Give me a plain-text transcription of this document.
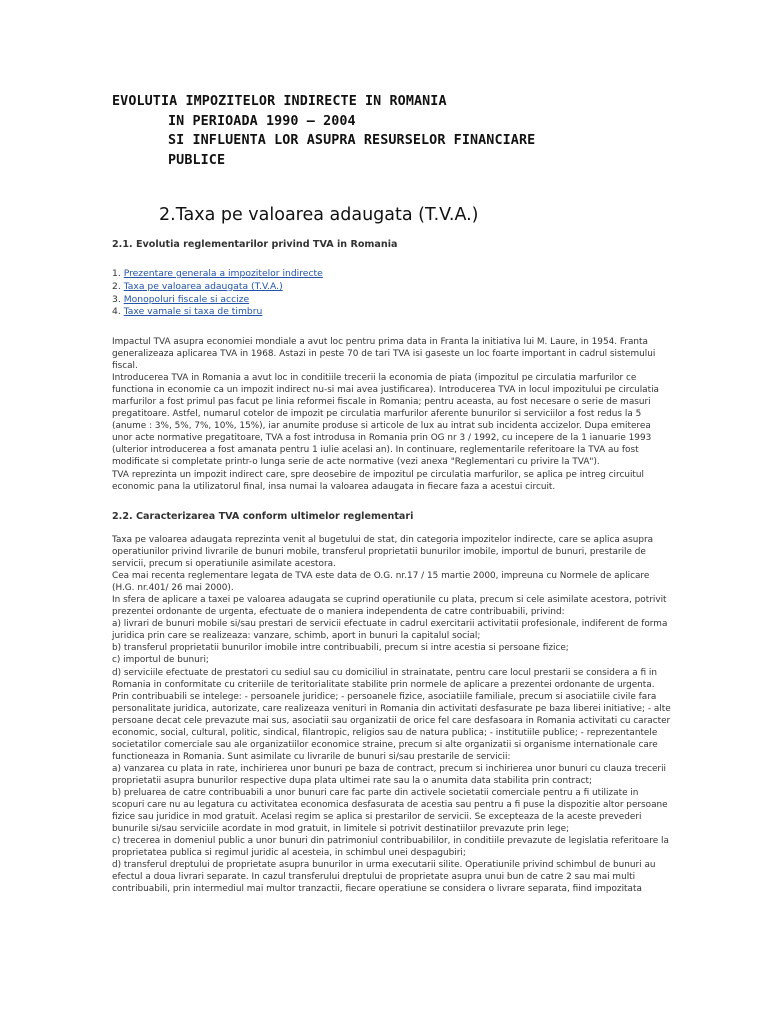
EVOLUTIA IMPOZITELOR INDIRECTE IN ROMANIA
IN PERIOADA 1990 – 2004
SI INFLUENTA LOR ASUPRA RESURSELOR FINANCIARE
PUBLICE
2.Taxa pe valoarea adaugata (T.V.A.)
2.1. Evolutia reglementarilor privind TVA in Romania
1. Prezentare generala a impozitelor indirecte
2. Taxa pe valoarea adaugata (T.V.A.)
3. Monopoluri fiscale si accize
4. Taxe vamale si taxa de timbru

Impactul TVA asupra economiei mondiale a avut loc pentru prima data in Franta la initiativa lui M. Laure, in 1954. Franta

generalizeaza aplicarea TVA in 1968. Astazi in peste 70 de tari TVA isi gaseste un loc foarte important in cadrul sistemului

fiscal.

Introducerea TVA in Romania a avut loc in conditiile trecerii la economia de piata (impozitul pe circulatia marfurilor ce

functiona in economie ca un impozit indirect nu-si mai avea justificarea). Introducerea TVA in locul impozitului pe circulatia

marfurilor a fost primul pas facut pe linia reformei fiscale in Romania; pentru aceasta, au fost necesare o serie de masuri

pregatitoare. Astfel, numarul cotelor de impozit pe circulatia marfurilor aferente bunurilor si serviciilor a fost redus la 5

(anume : 3%, 5%, 7%, 10%, 15%), iar anumite produse si articole de lux au intrat sub incidenta accizelor. Dupa emiterea

unor acte normative pregatitoare, TVA a fost introdusa in Romania prin OG nr 3 / 1992, cu incepere de la 1 ianuarie 1993

(ulterior introducerea a fost amanata pentru 1 iulie acelasi an). In continuare, reglementarile referitoare la TVA au fost

modificate si completate printr-o lunga serie de acte normative (vezi anexa "Reglementari cu privire la TVA").

TVA reprezinta un impozit indirect care, spre deosebire de impozitul pe circulatia marfurilor, se aplica pe intreg circuitul

economic pana la utilizatorul final, insa numai la valoarea adaugata in fiecare faza a acestui circuit.

2.2. Caracterizarea TVA conform ultimelor reglementari

Taxa pe valoarea adaugata reprezinta venit al bugetului de stat, din categoria impozitelor indirecte, care se aplica asupra

operatiunilor privind livrarile de bunuri mobile, transferul proprietatii bunurilor imobile, importul de bunuri, prestarile de

servicii, precum si operatiunile asimilate acestora.

Cea mai recenta reglementare legata de TVA este data de O.G. nr.17 / 15 martie 2000, impreuna cu Normele de aplicare

(H.G. nr.401/ 26 mai 2000).

In sfera de aplicare a taxei pe valoarea adaugata se cuprind operatiunile cu plata, precum si cele asimilate acestora, potrivit

prezentei ordonante de urgenta, efectuate de o maniera independenta de catre contribuabili, privind:

a) livrari de bunuri mobile si/sau prestari de servicii efectuate in cadrul exercitarii activitatii profesionale, indiferent de forma

juridica prin care se realizeaza: vanzare, schimb, aport in bunuri la capitalul social;

b) transferul proprietatii bunurilor imobile intre contribuabili, precum si intre acestia si persoane fizice;

c) importul de bunuri;

d) serviciile efectuate de prestatori cu sediul sau cu domiciliul in strainatate, pentru care locul prestarii se considera a fi in

Romania in conformitate cu criteriile de teritorialitate stabilite prin normele de aplicare a prezentei ordonante de urgenta.

Prin contribuabili se intelege: - persoanele juridice; - persoanele fizice, asociatiile familiale, precum si asociatiile civile fara

personalitate juridica, autorizate, care realizeaza venituri in Romania din activitati desfasurate pe baza liberei initiative; - alte

persoane decat cele prevazute mai sus, asociatii sau organizatii de orice fel care desfasoara in Romania activitati cu caracter

economic, social, cultural, politic, sindical, filantropic, religios sau de natura publica; - institutiile publice; - reprezentantele

societatilor comerciale sau ale organizatiilor economice straine, precum si alte organizatii si organisme internationale care

functioneaza in Romania. Sunt asimilate cu livrarile de bunuri si/sau prestarile de servicii:

a) vanzarea cu plata in rate, inchirierea unor bunuri pe baza de contract, precum si inchirierea unor bunuri cu clauza trecerii

proprietatii asupra bunurilor respective dupa plata ultimei rate sau la o anumita data stabilita prin contract;

b) preluarea de catre contribuabili a unor bunuri care fac parte din activele societatii comerciale pentru a fi utilizate in

scopuri care nu au legatura cu activitatea economica desfasurata de acestia sau pentru a fi puse la dispozitie altor persoane

fizice sau juridice in mod gratuit. Acelasi regim se aplica si prestarilor de servicii. Se excepteaza de la aceste prevederi

bunurile si/sau serviciile acordate in mod gratuit, in limitele si potrivit destinatiilor prevazute prin lege;

c) trecerea in domeniul public a unor bunuri din patrimoniul contribuabililor, in conditiile prevazute de legislatia referitoare la

proprietatea publica si regimul juridic al acesteia, in schimbul unei despagubiri;

d) transferul dreptului de proprietate asupra bunurilor in urma executarii silite. Operatiunile privind schimbul de bunuri au

efectul a doua livrari separate. In cazul transferului dreptului de proprietate asupra unui bun de catre 2 sau mai multi

contribuabili, prin intermediul mai multor tranzactii, fiecare operatiune se considera o livrare separata, fiind impozitata
